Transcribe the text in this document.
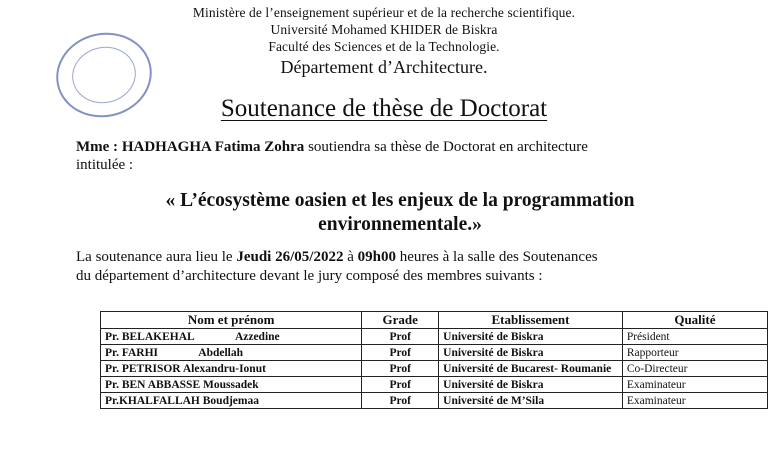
Ministère de l’enseignement supérieur et de la recherche scientifique.
Université Mohamed KHIDER de Biskra
Faculté des Sciences et de la Technologie.
Département d’Architecture.
Soutenance de thèse de Doctorat
Mme : HADHAGHA Fatima Zohra soutiendra sa thèse de Doctorat en architecture
intitulée :
« L’écosystème oasien et les enjeux de la programmation
environnementale.»
La soutenance aura lieu le Jeudi 26/05/2022 à 09h00 heures à la salle des Soutenances
du département d’architecture devant le jury composé des membres suivants :
Nom et prénom	Grade	Etablissement	Qualité
Pr. BELAKEHAL Azzedine	Prof	Université de Biskra	Président
Pr. FARHI Abdellah	Prof	Université de Biskra	Rapporteur
Pr. PETRISOR Alexandru-Ionut	Prof	Université de Bucarest- Roumanie	Co-Directeur
Pr. BEN ABBASSE Moussadek	Prof	Université de Biskra	Examinateur
Pr.KHALFALLAH Boudjemaa	Prof	Université de M’Sila	Examinateur
